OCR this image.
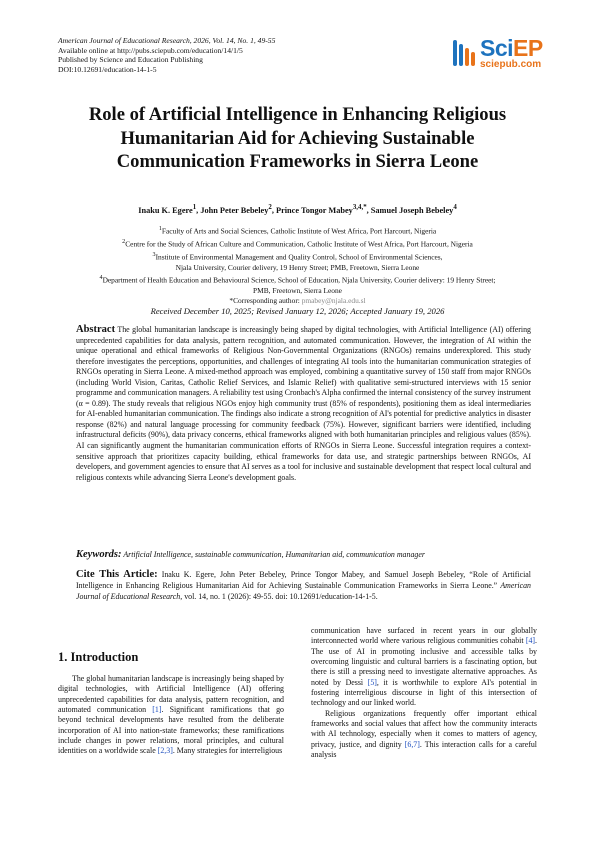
American Journal of Educational Research, 2026, Vol. 14, No. 1, 49-55
Available online at http://pubs.sciepub.com/education/14/1/5
Published by Science and Education Publishing
DOI:10.12691/education-14-1-5
SciEP
sciepub.com
Role of Artificial Intelligence in Enhancing Religious
Humanitarian Aid for Achieving Sustainable
Communication Frameworks in Sierra Leone
Inaku K. Egere$^1$, John Peter Bebeley$^2$, Prince Tongor Mabey$^{3,4,*}$, Samuel Joseph Bebeley$^4$
$^1$Faculty of Arts and Social Sciences, Catholic Institute of West Africa, Port Harcourt, Nigeria
$^2$Centre for the Study of African Culture and Communication, Catholic Institute of West Africa, Port Harcourt, Nigeria
$^3$Institute of Environmental Management and Quality Control, School of Environmental Sciences,
Njala University, Courier delivery, 19 Henry Street; PMB, Freetown, Sierra Leone
$^4$Department of Health Education and Behavioural Science, School of Education, Njala University, Courier delivery: 19 Henry Street;
PMB, Freetown, Sierra Leone
*Corresponding author: pmabey@njala.edu.sl
Received December 10, 2025; Revised January 12, 2026; Accepted January 19, 2026
Abstract The global humanitarian landscape is increasingly being shaped by digital technologies, with Artificial Intelligence (AI) offering unprecedented capabilities for data analysis, pattern recognition, and automated communication. However, the integration of AI within the unique operational and ethical frameworks of Religious Non-Governmental Organizations (RNGOs) remains underexplored. This study therefore investigates the perceptions, opportunities, and challenges of integrating AI tools into the humanitarian communication strategies of RNGOs operating in Sierra Leone. A mixed-method approach was employed, combining a quantitative survey of 150 staff from major RNGOs (including World Vision, Caritas, Catholic Relief Services, and Islamic Relief) with qualitative semi-structured interviews with 15 senior programme and communication managers. A reliability test using Cronbach's Alpha confirmed the internal consistency of the survey instrument (α = 0.89). The study reveals that religious NGOs enjoy high community trust (85% of respondents), positioning them as ideal intermediaries for AI-enabled humanitarian communication. The findings also indicate a strong recognition of AI's potential for predictive analytics in disaster response (82%) and natural language processing for community feedback (75%). However, significant barriers were identified, including infrastructural deficits (90%), data privacy concerns, ethical frameworks aligned with both humanitarian principles and religious values (85%). AI can significantly augment the humanitarian communication efforts of RNGOs in Sierra Leone. Successful integration requires a context-sensitive approach that prioritizes capacity building, ethical frameworks for data use, and strategic partnerships between RNGOs, AI developers, and government agencies to ensure that AI serves as a tool for inclusive and sustainable development that respect local cultural and religious contexts while advancing Sierra Leone's development goals.
Keywords: Artificial Intelligence, sustainable communication, Humanitarian aid, communication manager
Cite This Article: Inaku K. Egere, John Peter Bebeley, Prince Tongor Mabey, and Samuel Joseph Bebeley, “Role of Artificial Intelligence in Enhancing Religious Humanitarian Aid for Achieving Sustainable Communication Frameworks in Sierra Leone.” American Journal of Educational Research, vol. 14, no. 1 (2026): 49-55. doi: 10.12691/education-14-1-5.
1. Introduction

The global humanitarian landscape is increasingly being shaped by digital technologies, with Artificial Intelligence (AI) offering unprecedented capabilities for data analysis, pattern recognition, and automated communication [1]. Significant ramifications that go beyond technical developments have resulted from the deliberate incorporation of AI into nation-state frameworks; these ramifications include changes in power relations, moral principles, and cultural identities on a worldwide scale [2,3]. Many strategies for interreligious

communication have surfaced in recent years in our globally interconnected world where various religious communities cohabit [4]. The use of AI in promoting inclusive and accessible talks by overcoming linguistic and cultural barriers is a fascinating option, but there is still a pressing need to investigate alternative approaches. As noted by Dessì [5], it is worthwhile to explore AI's potential in fostering interreligious discourse in light of this intersection of technology and our linked world.

Religious organizations frequently offer important ethical frameworks and social values that affect how the community interacts with AI technology, especially when it comes to matters of agency, privacy, justice, and dignity [6,7]. This interaction calls for a careful analysis
